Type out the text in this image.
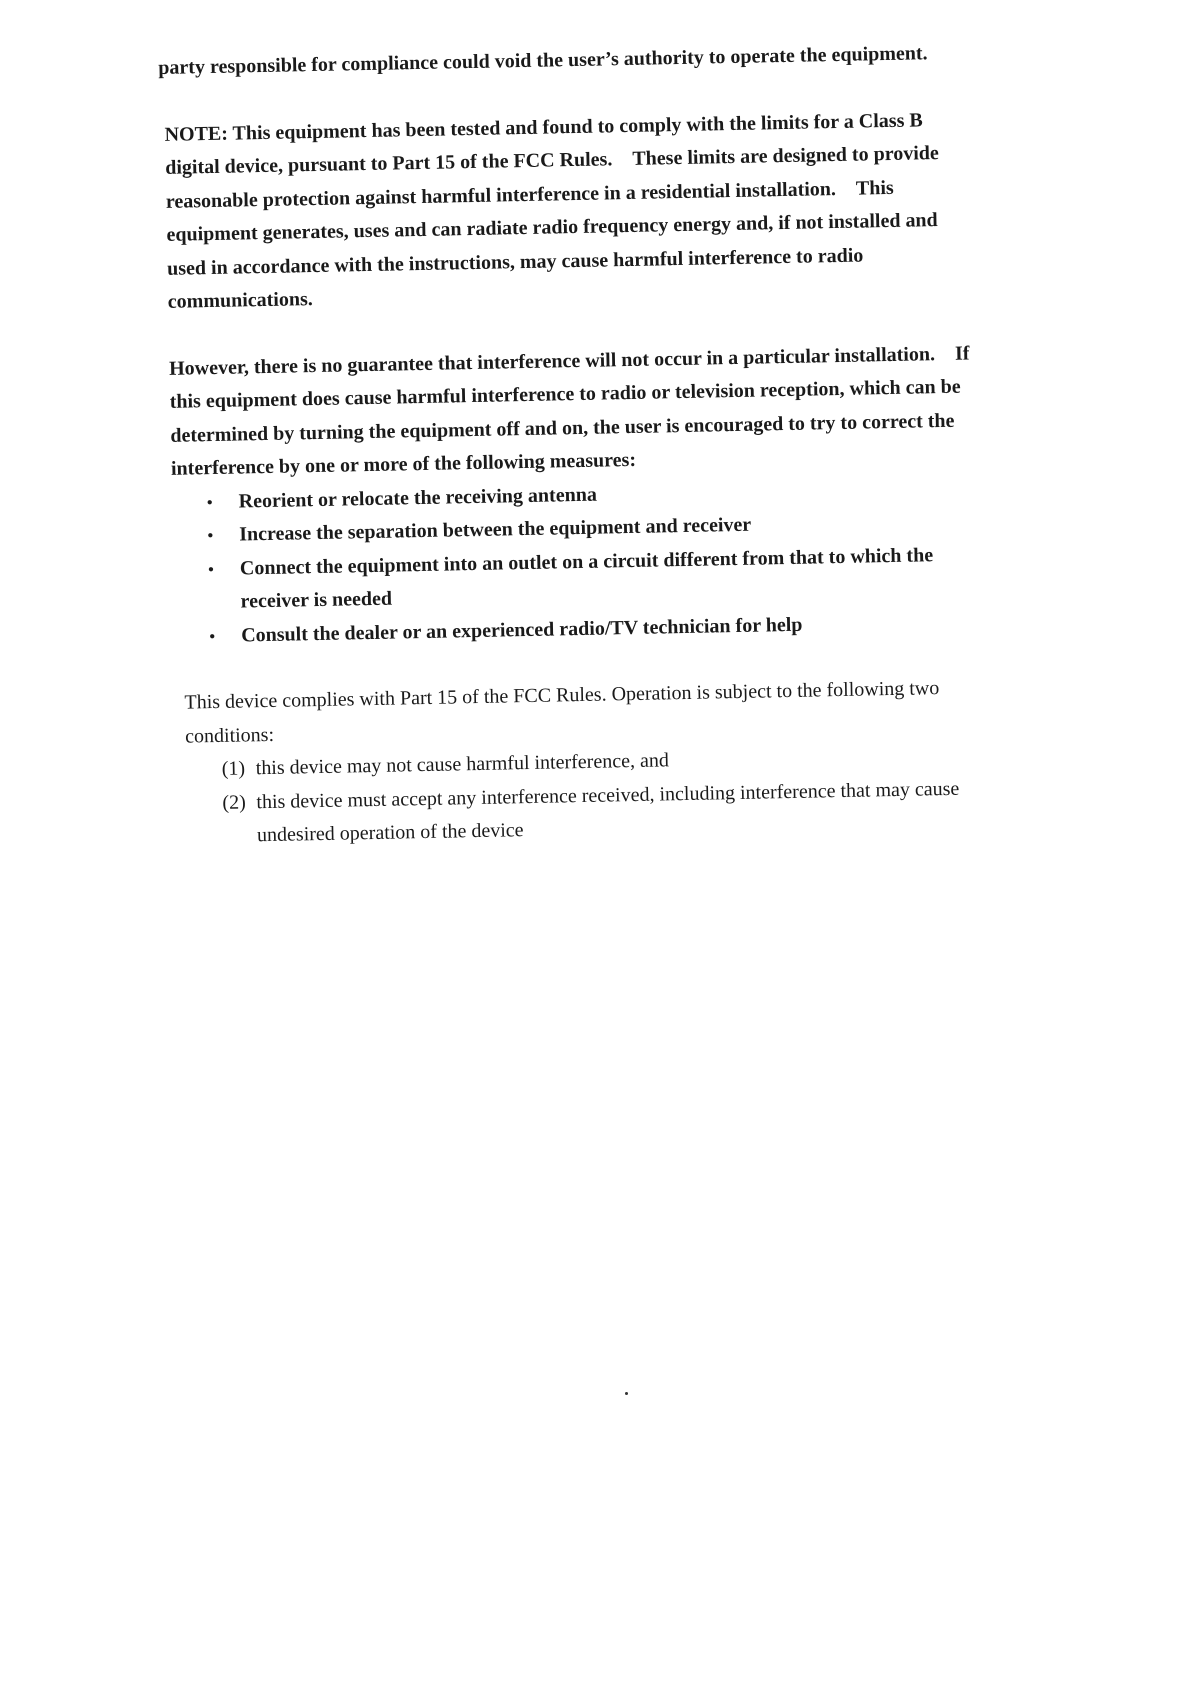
party responsible for compliance could void the user’s authority to operate the equipment.

NOTE: This equipment has been tested and found to comply with the limits for a Class B digital device, pursuant to Part 15 of the FCC Rules. These limits are designed to provide reasonable protection against harmful interference in a residential installation. This equipment generates, uses and can radiate radio frequency energy and, if not installed and used in accordance with the instructions, may cause harmful interference to radio communications.

However, there is no guarantee that interference will not occur in a particular installation. If this equipment does cause harmful interference to radio or television reception, which can be determined by turning the equipment off and on, the user is encouraged to try to correct the interference by one or more of the following measures:

● Reorient or relocate the receiving antenna
● Increase the separation between the equipment and receiver
● Connect the equipment into an outlet on a circuit different from that to which the receiver is needed
● Consult the dealer or an experienced radio/TV technician for help

This device complies with Part 15 of the FCC Rules. Operation is subject to the following two conditions:

(1) this device may not cause harmful interference, and
(2) this device must accept any interference received, including interference that may cause undesired operation of the device
